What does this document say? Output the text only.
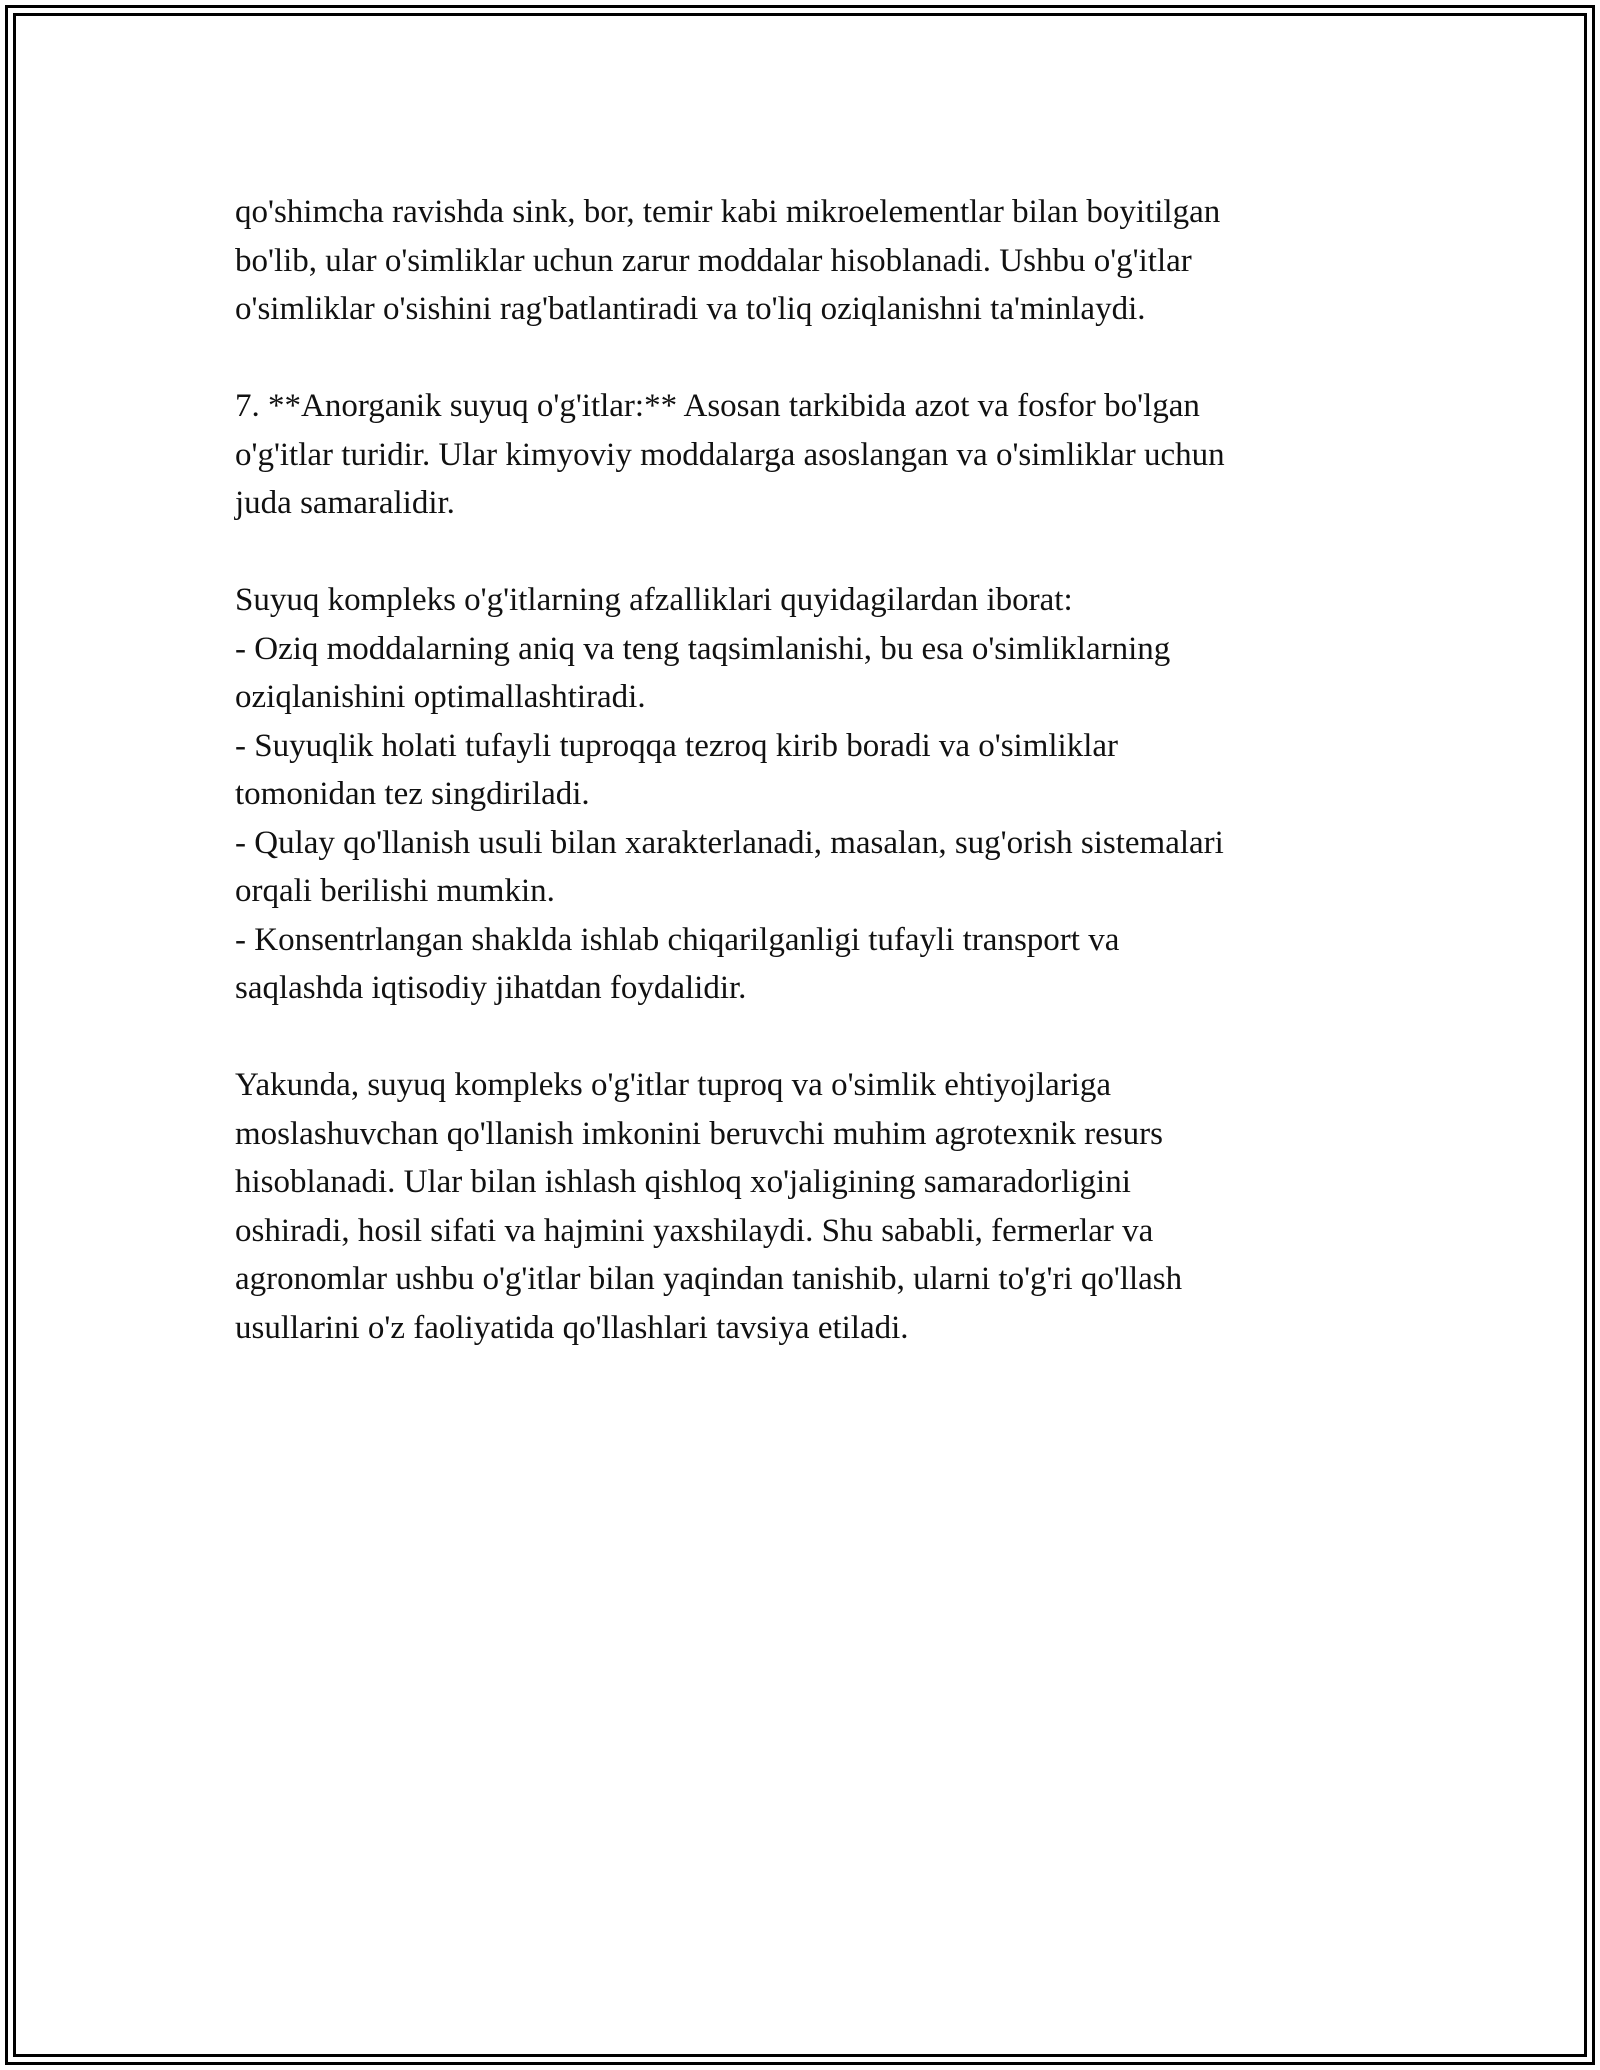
qo'shimcha ravishda sink, bor, temir kabi mikroelementlar bilan boyitilgan

bo'lib, ular o'simliklar uchun zarur moddalar hisoblanadi. Ushbu o'g'itlar

o'simliklar o'sishini rag'batlantiradi va to'liq oziqlanishni ta'minlaydi.

7. **Anorganik suyuq o'g'itlar:** Asosan tarkibida azot va fosfor bo'lgan

o'g'itlar turidir. Ular kimyoviy moddalarga asoslangan va o'simliklar uchun

juda samaralidir.

Suyuq kompleks o'g'itlarning afzalliklari quyidagilardan iborat:

- Oziq moddalarning aniq va teng taqsimlanishi, bu esa o'simliklarning

oziqlanishini optimallashtiradi.

- Suyuqlik holati tufayli tuproqqa tezroq kirib boradi va o'simliklar

tomonidan tez singdiriladi.

- Qulay qo'llanish usuli bilan xarakterlanadi, masalan, sug'orish sistemalari

orqali berilishi mumkin.

- Konsentrlangan shaklda ishlab chiqarilganligi tufayli transport va

saqlashda iqtisodiy jihatdan foydalidir.

Yakunda, suyuq kompleks o'g'itlar tuproq va o'simlik ehtiyojlariga

moslashuvchan qo'llanish imkonini beruvchi muhim agrotexnik resurs

hisoblanadi. Ular bilan ishlash qishloq xo'jaligining samaradorligini

oshiradi, hosil sifati va hajmini yaxshilaydi. Shu sababli, fermerlar va

agronomlar ushbu o'g'itlar bilan yaqindan tanishib, ularni to'g'ri qo'llash

usullarini o'z faoliyatida qo'llashlari tavsiya etiladi.
